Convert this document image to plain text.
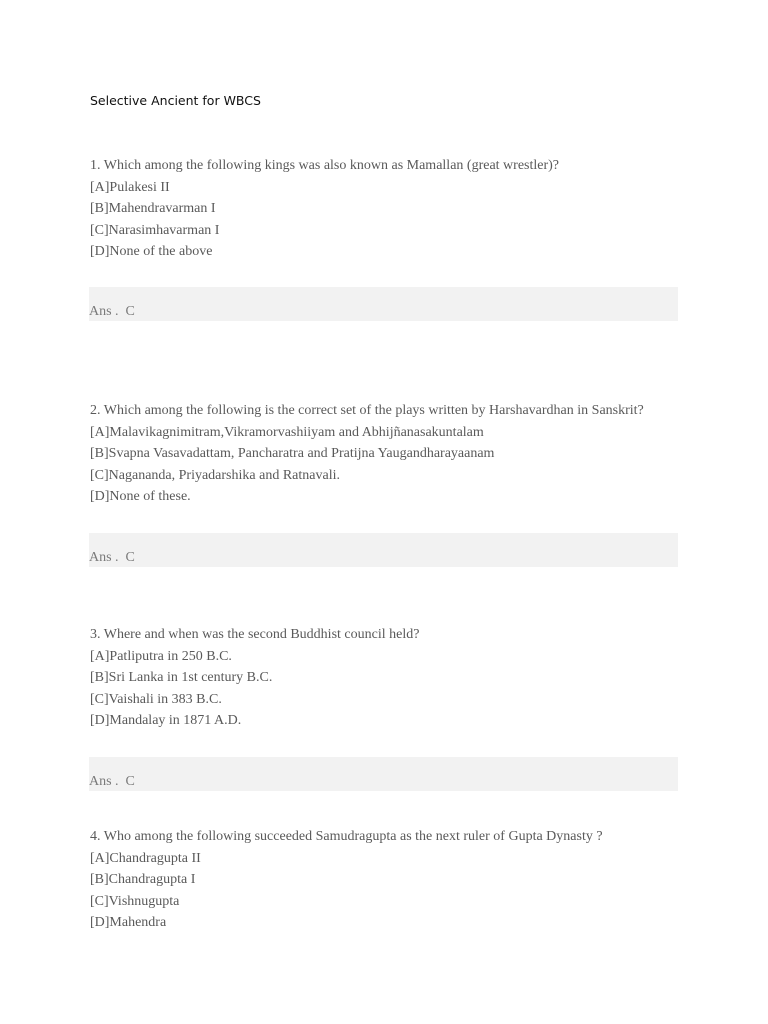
Selective Ancient for WBCS
1. Which among the following kings was also known as Mamallan (great wrestler)?
[A]Pulakesi II
[B]Mahendravarman I
[C]Narasimhavarman I
[D]None of the above
Ans .  C
2. Which among the following is the correct set of the plays written by Harshavardhan in Sanskrit?
[A]Malavikagnimitram,Vikramorvashiiyam and Abhijñanasakuntalam
[B]Svapna Vasavadattam, Pancharatra and Pratijna Yaugandharayaanam
[C]Nagananda, Priyadarshika and Ratnavali.
[D]None of these.
Ans .  C
3. Where and when was the second Buddhist council held?
[A]Patliputra in 250 B.C.
[B]Sri Lanka in 1st century B.C.
[C]Vaishali in 383 B.C.
[D]Mandalay in 1871 A.D.
Ans .  C
4. Who among the following succeeded Samudragupta as the next ruler of Gupta Dynasty ?
[A]Chandragupta II
[B]Chandragupta I
[C]Vishnugupta
[D]Mahendra
